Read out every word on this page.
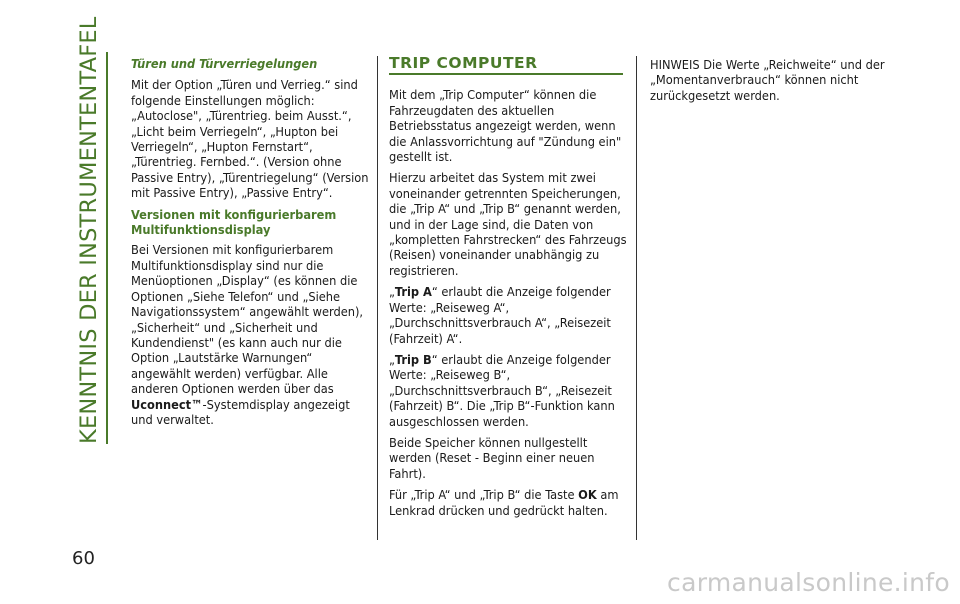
KENNTNIS DER INSTRUMENTENTAFEL
60
Türen und Türverriegelungen

Mit der Option „Türen und Verrieg.“ sind folgende Einstellungen möglich: „Autoclose", „Türentrieg. beim Ausst.“, „Licht beim Verriegeln“, „Hupton bei Verriegeln“, „Hupton Fernstart“, „Türentrieg. Fernbed.“. (Version ohne Passive Entry), „Türentriegelung“ (Version mit Passive Entry), „Passive Entry“.

Versionen mit konfigurierbarem Multifunktionsdisplay

Bei Versionen mit konfigurierbarem Multifunktionsdisplay sind nur die Menüoptionen „Display“ (es können die Optionen „Siehe Telefon“ und „Siehe Navigationssystem“ angewählt werden), „Sicherheit“ und „Sicherheit und Kundendienst" (es kann auch nur die Option „Lautstärke Warnungen“ angewählt werden) verfügbar. Alle anderen Optionen werden über das Uconnect™-Systemdisplay angezeigt und verwaltet.

TRIP COMPUTER

Mit dem „Trip Computer“ können die Fahrzeugdaten des aktuellen Betriebsstatus angezeigt werden, wenn die Anlassvorrichtung auf "Zündung ein" gestellt ist.

Hierzu arbeitet das System mit zwei voneinander getrennten Speicherungen, die „Trip A“ und „Trip B“ genannt werden, und in der Lage sind, die Daten von „kompletten Fahrstrecken“ des Fahrzeugs (Reisen) voneinander unabhängig zu registrieren.

„Trip A“ erlaubt die Anzeige folgender Werte: „Reiseweg A“, „Durchschnittsverbrauch A“, „Reisezeit (Fahrzeit) A“.

„Trip B“ erlaubt die Anzeige folgender Werte: „Reiseweg B“, „Durchschnittsverbrauch B“, „Reisezeit (Fahrzeit) B“. Die „Trip B“-Funktion kann ausgeschlossen werden.

Beide Speicher können nullgestellt werden (Reset - Beginn einer neuen Fahrt).

Für „Trip A“ und „Trip B“ die Taste OK am Lenkrad drücken und gedrückt halten.

HINWEIS Die Werte „Reichweite“ und der „Momentanverbrauch“ können nicht zurückgesetzt werden.

carmanualsonline.info
